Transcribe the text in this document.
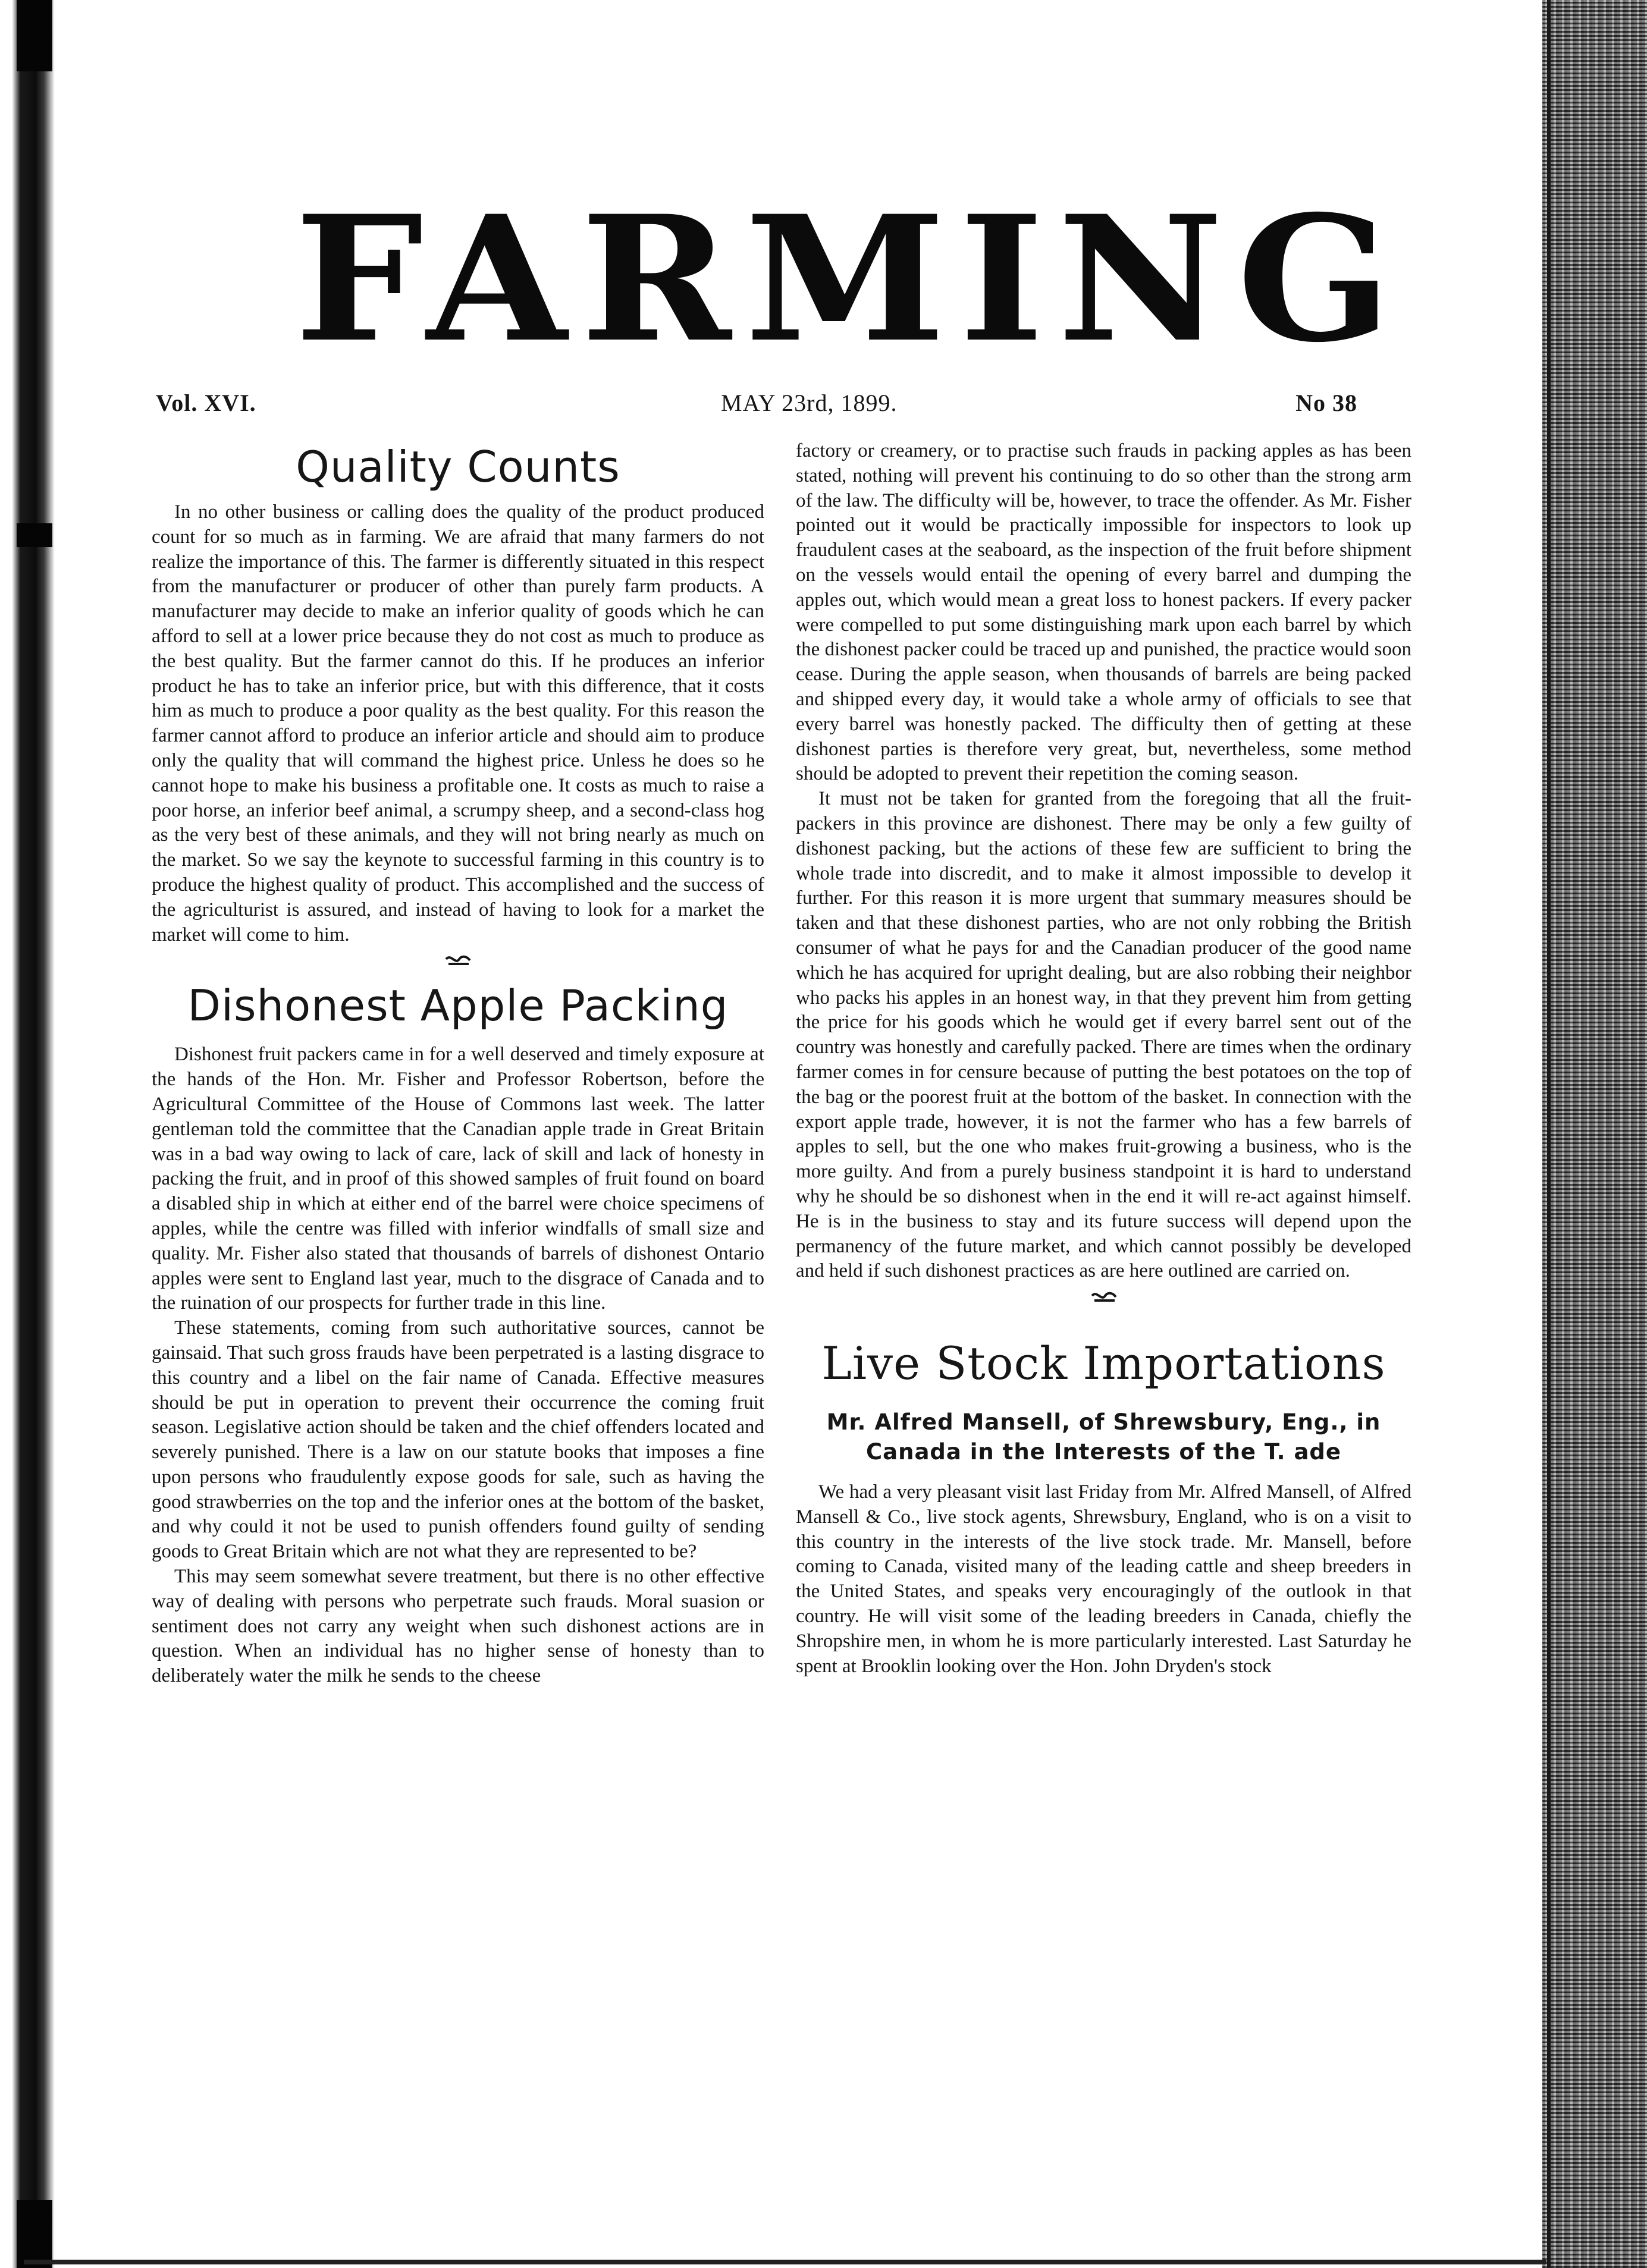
FARMING
Vol. XVI.	MAY 23rd, 1899.	No 38
Quality Counts

In no other business or calling does the quality of the product produced count for so much as in farming. We are afraid that many farmers do not realize the importance of this. The farmer is differently situated in this respect from the manufacturer or producer of other than purely farm products. A manufacturer may decide to make an inferior quality of goods which he can afford to sell at a lower price because they do not cost as much to produce as the best quality. But the farmer cannot do this. If he produces an inferior product he has to take an inferior price, but with this difference, that it costs him as much to produce a poor quality as the best quality. For this reason the farmer cannot afford to produce an inferior article and should aim to produce only the quality that will command the highest price. Unless he does so he cannot hope to make his business a profitable one. It costs as much to raise a poor horse, an inferior beef animal, a scrumpy sheep, and a second-class hog as the very best of these animals, and they will not bring nearly as much on the market. So we say the keynote to successful farming in this country is to produce the highest quality of product. This accomplished and the success of the agriculturist is assured, and instead of having to look for a market the market will come to him.

Dishonest Apple Packing

Dishonest fruit packers came in for a well deserved and timely exposure at the hands of the Hon. Mr. Fisher and Professor Robertson, before the Agricultural Committee of the House of Commons last week. The latter gentleman told the committee that the Canadian apple trade in Great Britain was in a bad way owing to lack of care, lack of skill and lack of honesty in packing the fruit, and in proof of this showed samples of fruit found on board a disabled ship in which at either end of the barrel were choice specimens of apples, while the centre was filled with inferior windfalls of small size and quality. Mr. Fisher also stated that thousands of barrels of dishonest Ontario apples were sent to England last year, much to the disgrace of Canada and to the ruination of our prospects for further trade in this line.

These statements, coming from such authoritative sources, cannot be gainsaid. That such gross frauds have been perpetrated is a lasting disgrace to this country and a libel on the fair name of Canada. Effective measures should be put in operation to prevent their occurrence the coming fruit season. Legislative action should be taken and the chief offenders located and severely punished. There is a law on our statute books that imposes a fine upon persons who fraudulently expose goods for sale, such as having the good strawberries on the top and the inferior ones at the bottom of the basket, and why could it not be used to punish offenders found guilty of sending goods to Great Britain which are not what they are represented to be?

This may seem somewhat severe treatment, but there is no other effective way of dealing with persons who perpetrate such frauds. Moral suasion or sentiment does not carry any weight when such dishonest actions are in question. When an individual has no higher sense of honesty than to deliberately water the milk he sends to the cheese

factory or creamery, or to practise such frauds in packing apples as has been stated, nothing will prevent his continuing to do so other than the strong arm of the law. The difficulty will be, however, to trace the offender. As Mr. Fisher pointed out it would be practically impossible for inspectors to look up fraudulent cases at the seaboard, as the inspection of the fruit before shipment on the vessels would entail the opening of every barrel and dumping the apples out, which would mean a great loss to honest packers. If every packer were compelled to put some distinguishing mark upon each barrel by which the dishonest packer could be traced up and punished, the practice would soon cease. During the apple season, when thousands of barrels are being packed and shipped every day, it would take a whole army of officials to see that every barrel was honestly packed. The difficulty then of getting at these dishonest parties is therefore very great, but, nevertheless, some method should be adopted to prevent their repetition the coming season.

It must not be taken for granted from the foregoing that all the fruit-packers in this province are dishonest. There may be only a few guilty of dishonest packing, but the actions of these few are sufficient to bring the whole trade into discredit, and to make it almost impossible to develop it further. For this reason it is more urgent that summary measures should be taken and that these dishonest parties, who are not only robbing the British consumer of what he pays for and the Canadian producer of the good name which he has acquired for upright dealing, but are also robbing their neighbor who packs his apples in an honest way, in that they prevent him from getting the price for his goods which he would get if every barrel sent out of the country was honestly and carefully packed. There are times when the ordinary farmer comes in for censure because of putting the best potatoes on the top of the bag or the poorest fruit at the bottom of the basket. In connection with the export apple trade, however, it is not the farmer who has a few barrels of apples to sell, but the one who makes fruit-growing a business, who is the more guilty. And from a purely business standpoint it is hard to understand why he should be so dishonest when in the end it will re-act against himself. He is in the business to stay and its future success will depend upon the permanency of the future market, and which cannot possibly be developed and held if such dishonest practices as are here outlined are carried on.

Live Stock Importations
Mr. Alfred Mansell, of Shrewsbury, Eng., in Canada in the Interests of the T. ade

We had a very pleasant visit last Friday from Mr. Alfred Mansell, of Alfred Mansell & Co., live stock agents, Shrewsbury, England, who is on a visit to this country in the interests of the live stock trade. Mr. Mansell, before coming to Canada, visited many of the leading cattle and sheep breeders in the United States, and speaks very encouragingly of the outlook in that country. He will visit some of the leading breeders in Canada, chiefly the Shropshire men, in whom he is more particularly interested. Last Saturday he spent at Brooklin looking over the Hon. John Dryden's stock
